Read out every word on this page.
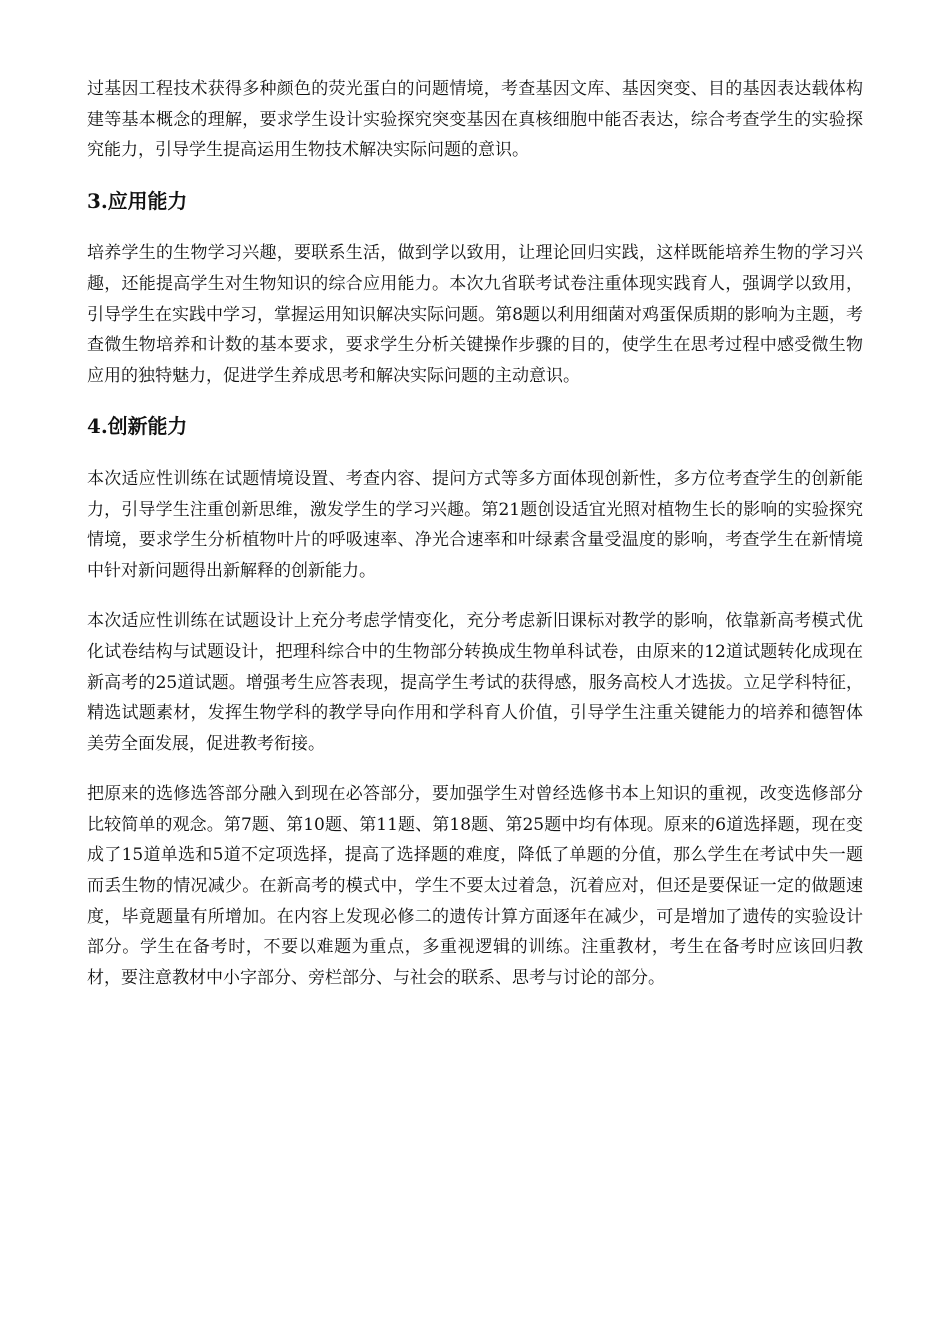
过基因工程技术获得多种颜色的荧光蛋白的问题情境，考查基因文库、基因突变、目的基因表达载体构建等基本概念的理解，要求学生设计实验探究突变基因在真核细胞中能否表达，综合考查学生的实验探究能力，引导学生提高运用生物技术解决实际问题的意识。

3.应用能力

培养学生的生物学习兴趣，要联系生活，做到学以致用，让理论回归实践，这样既能培养生物的学习兴趣，还能提高学生对生物知识的综合应用能力。本次九省联考试卷注重体现实践育人，强调学以致用，引导学生在实践中学习，掌握运用知识解决实际问题。第8题以利用细菌对鸡蛋保质期的影响为主题，考查微生物培养和计数的基本要求，要求学生分析关键操作步骤的目的，使学生在思考过程中感受微生物应用的独特魅力，促进学生养成思考和解决实际问题的主动意识。

4.创新能力

本次适应性训练在试题情境设置、考查内容、提问方式等多方面体现创新性，多方位考查学生的创新能力，引导学生注重创新思维，激发学生的学习兴趣。第21题创设适宜光照对植物生长的影响的实验探究情境，要求学生分析植物叶片的呼吸速率、净光合速率和叶绿素含量受温度的影响，考查学生在新情境中针对新问题得出新解释的创新能力。

本次适应性训练在试题设计上充分考虑学情变化，充分考虑新旧课标对教学的影响，依靠新高考模式优化试卷结构与试题设计，把理科综合中的生物部分转换成生物单科试卷，由原来的12道试题转化成现在新高考的25道试题。增强考生应答表现，提高学生考试的获得感，服务高校人才选拔。立足学科特征，精选试题素材，发挥生物学科的教学导向作用和学科育人价值，引导学生注重关键能力的培养和德智体美劳全面发展，促进教考衔接。

把原来的选修选答部分融入到现在必答部分，要加强学生对曾经选修书本上知识的重视，改变选修部分比较简单的观念。第7题、第10题、第11题、第18题、第25题中均有体现。原来的6道选择题，现在变成了15道单选和5道不定项选择，提高了选择题的难度，降低了单题的分值，那么学生在考试中失一题而丢生物的情况减少。在新高考的模式中，学生不要太过着急，沉着应对，但还是要保证一定的做题速度，毕竟题量有所增加。在内容上发现必修二的遗传计算方面逐年在减少，可是增加了遗传的实验设计部分。学生在备考时，不要以难题为重点，多重视逻辑的训练。注重教材，考生在备考时应该回归教材，要注意教材中小字部分、旁栏部分、与社会的联系、思考与讨论的部分。
